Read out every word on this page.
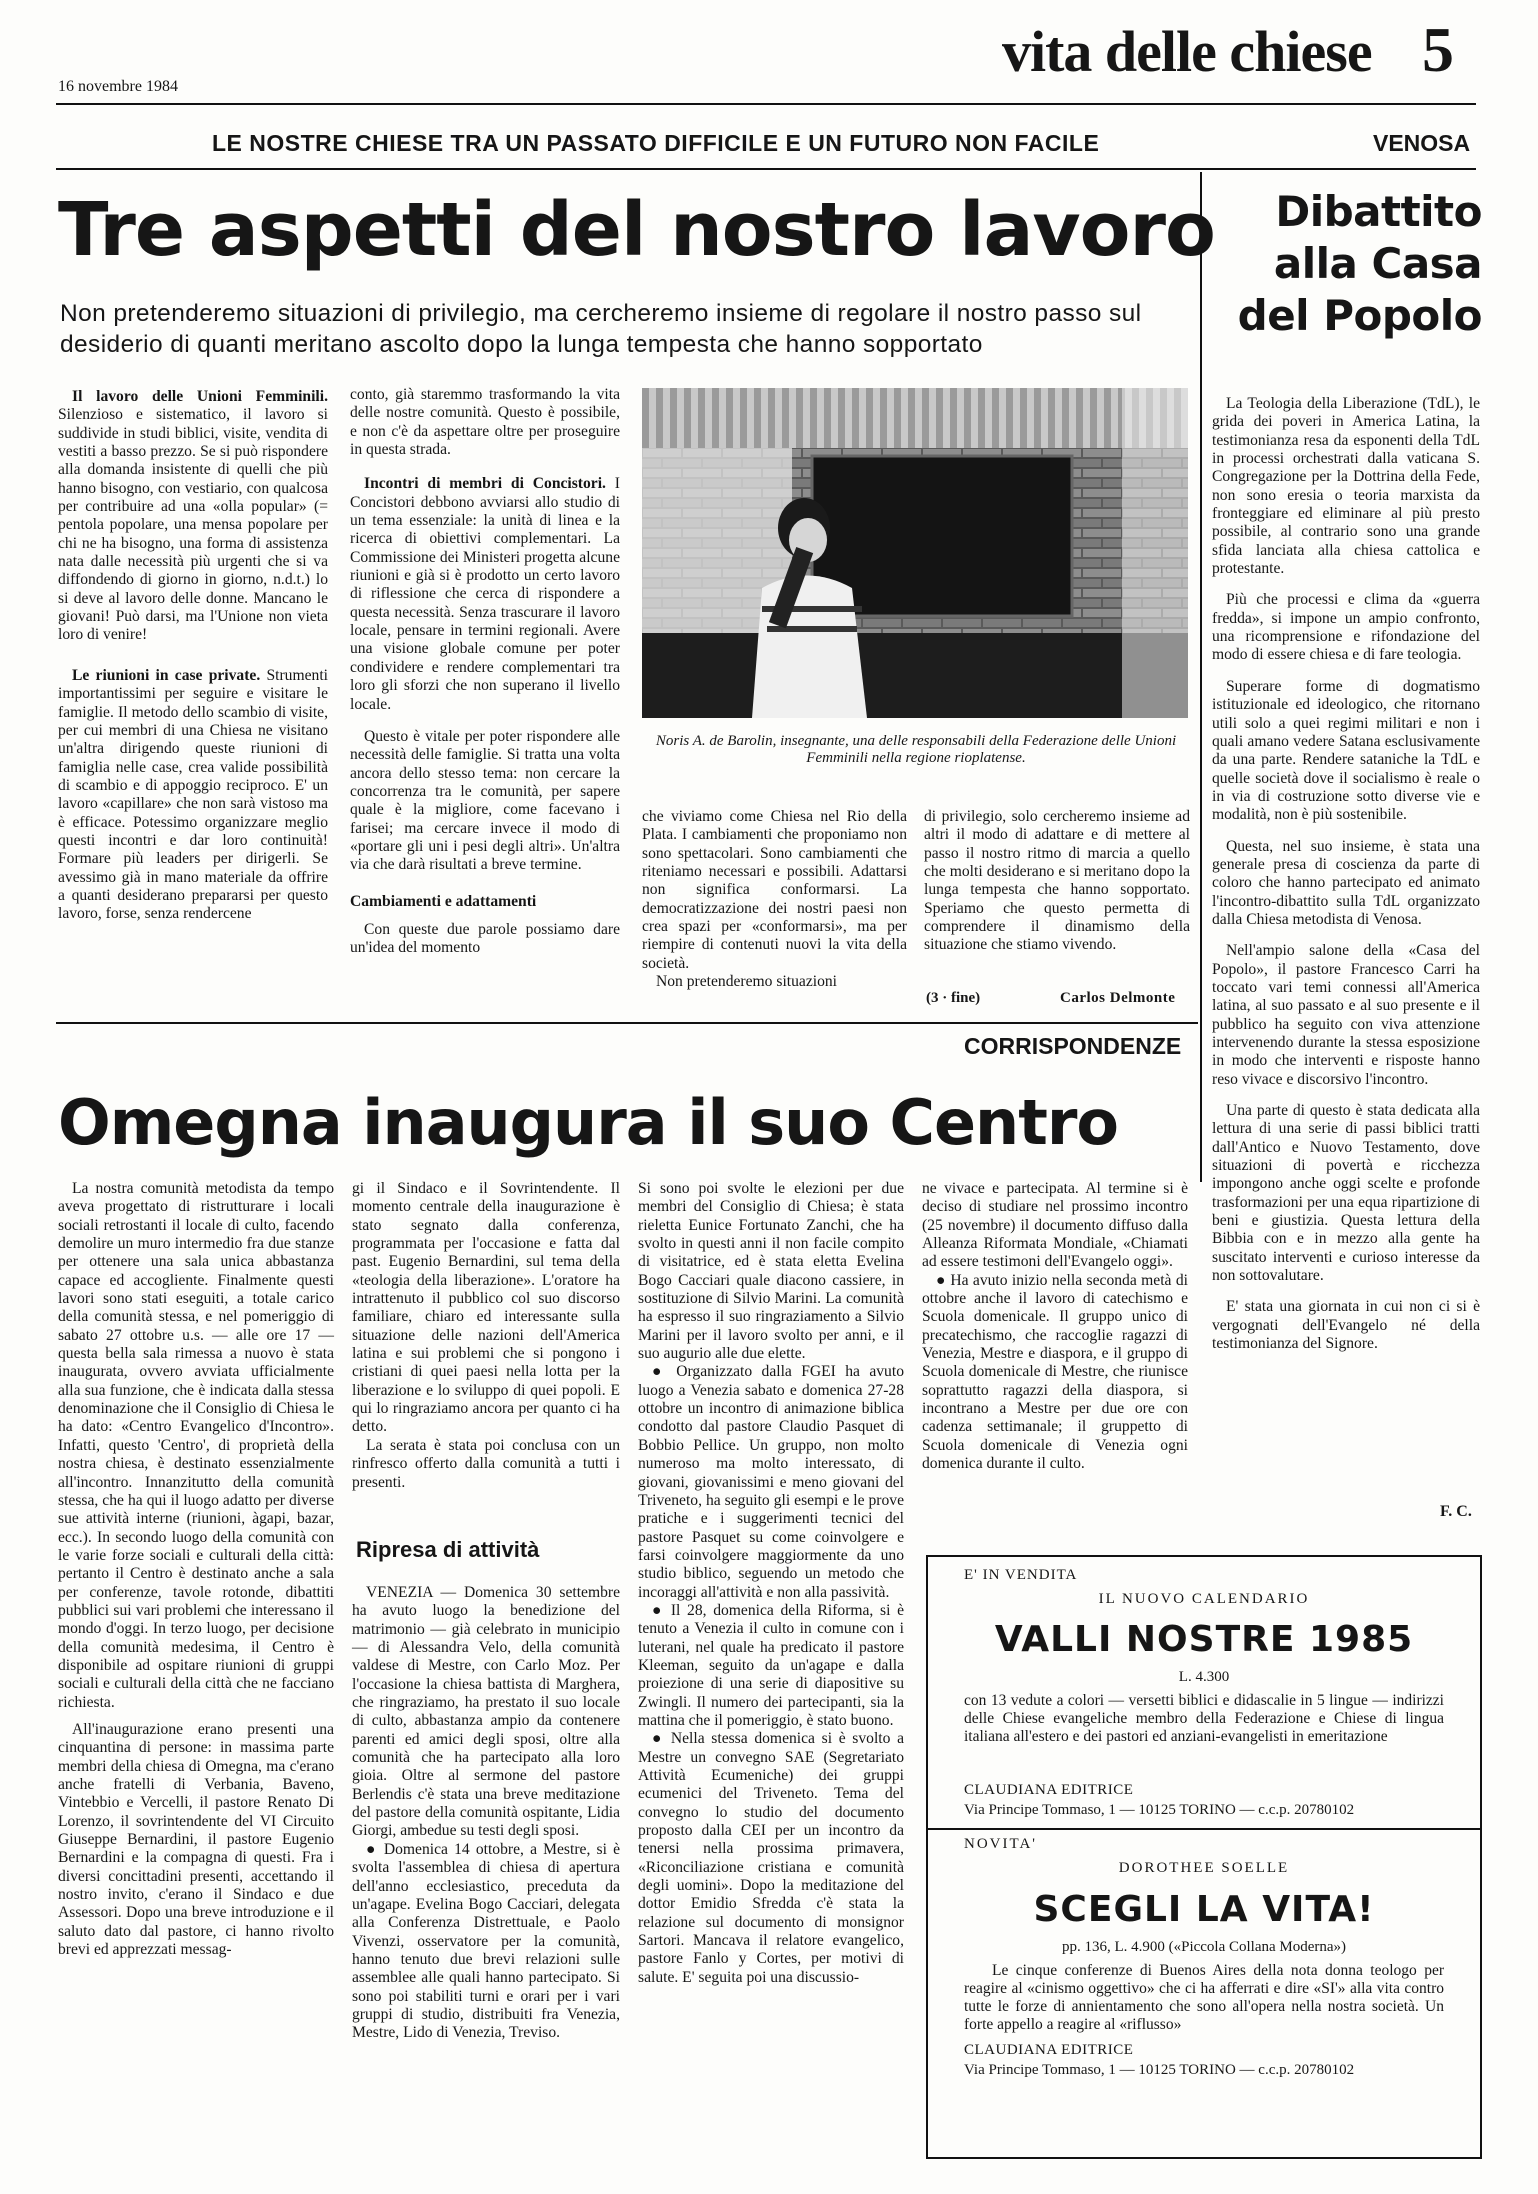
16 novembre 1984
vita delle chiese 5
LE NOSTRE CHIESE TRA UN PASSATO DIFFICILE E UN FUTURO NON FACILE	VENOSA
Tre aspetti del nostro lavoro
Non pretenderemo situazioni di privilegio, ma cercheremo insieme di regolare il nostro passo sul desiderio di quanti meritano ascolto dopo la lunga tempesta che hanno sopportato

Il lavoro delle Unioni Femminili. Silenzioso e sistematico, il lavoro si suddivide in studi biblici, visite, vendita di vestiti a basso prezzo. Se si può rispondere alla domanda insistente di quelli che più hanno bisogno, con vestiario, con qualcosa per contribuire ad una «olla popular» (= pentola popolare, una mensa popolare per chi ne ha bisogno, una forma di assistenza nata dalle necessità più urgenti che si va diffondendo di giorno in giorno, n.d.t.) lo si deve al lavoro delle donne. Mancano le giovani! Può darsi, ma l'Unione non vieta loro di venire!

Le riunioni in case private. Strumenti importantissimi per seguire e visitare le famiglie. Il metodo dello scambio di visite, per cui membri di una Chiesa ne visitano un'altra dirigendo queste riunioni di famiglia nelle case, crea valide possibilità di scambio e di appoggio reciproco. E' un lavoro «capillare» che non sarà vistoso ma è efficace. Potessimo organizzare meglio questi incontri e dar loro continuità! Formare più leaders per dirigerli. Se avessimo già in mano materiale da offrire a quanti desiderano prepararsi per questo lavoro, forse, senza rendercene

conto, già staremmo trasformando la vita delle nostre comunità. Questo è possibile, e non c'è da aspettare oltre per proseguire in questa strada.

Incontri di membri di Concistori. I Concistori debbono avviarsi allo studio di un tema essenziale: la unità di linea e la ricerca di obiettivi complementari. La Commissione dei Ministeri progetta alcune riunioni e già si è prodotto un certo lavoro di riflessione che cerca di rispondere a questa necessità. Senza trascurare il lavoro locale, pensare in termini regionali. Avere una visione globale comune per poter condividere e rendere complementari tra loro gli sforzi che non superano il livello locale.

Questo è vitale per poter rispondere alle necessità delle famiglie. Si tratta una volta ancora dello stesso tema: non cercare la concorrenza tra le comunità, per sapere quale è la migliore, come facevano i farisei; ma cercare invece il modo di «portare gli uni i pesi degli altri». Un'altra via che darà risultati a breve termine.

Cambiamenti e adattamenti

Con queste due parole possiamo dare un'idea del momento

Noris A. de Barolin, insegnante, una delle responsabili della Federazione delle Unioni Femminili nella regione rioplatense.

che viviamo come Chiesa nel Rio della Plata. I cambiamenti che proponiamo non sono spettacolari. Sono cambiamenti che riteniamo necessari e possibili. Adattarsi non significa conformarsi. La democratizzazione dei nostri paesi non crea spazi per «conformarsi», ma per riempire di contenuti nuovi la vita della società.

Non pretenderemo situazioni

di privilegio, solo cercheremo insieme ad altri il modo di adattare e di mettere al passo il nostro ritmo di marcia a quello che molti desiderano e si meritano dopo la lunga tempesta che hanno sopportato. Speriamo che questo permetta di comprendere il dinamismo della situazione che stiamo vivendo.

(3 · fine)	Carlos Delmonte
Dibattito alla Casa del Popolo

La Teologia della Liberazione (TdL), le grida dei poveri in America Latina, la testimonianza resa da esponenti della TdL in processi orchestrati dalla vaticana S. Congregazione per la Dottrina della Fede, non sono eresia o teoria marxista da fronteggiare ed eliminare al più presto possibile, al contrario sono una grande sfida lanciata alla chiesa cattolica e protestante.

Più che processi e clima da «guerra fredda», si impone un ampio confronto, una ricomprensione e rifondazione del modo di essere chiesa e di fare teologia.

Superare forme di dogmatismo istituzionale ed ideologico, che ritornano utili solo a quei regimi militari e non i quali amano vedere Satana esclusivamente da una parte. Rendere sataniche la TdL e quelle società dove il socialismo è reale o in via di costruzione sotto diverse vie e modalità, non è più sostenibile.

Questa, nel suo insieme, è stata una generale presa di coscienza da parte di coloro che hanno partecipato ed animato l'incontro-dibattito sulla TdL organizzato dalla Chiesa metodista di Venosa.

Nell'ampio salone della «Casa del Popolo», il pastore Francesco Carri ha toccato vari temi connessi all'America latina, al suo passato e al suo presente e il pubblico ha seguito con viva attenzione intervenendo durante la stessa esposizione in modo che interventi e risposte hanno reso vivace e discorsivo l'incontro.

Una parte di questo è stata dedicata alla lettura di una serie di passi biblici tratti dall'Antico e Nuovo Testamento, dove situazioni di povertà e ricchezza impongono anche oggi scelte e profonde trasformazioni per una equa ripartizione di beni e giustizia. Questa lettura della Bibbia con e in mezzo alla gente ha suscitato interventi e curioso interesse da non sottovalutare.

E' stata una giornata in cui non ci si è vergognati dell'Evangelo né della testimonianza del Signore.

F. C.
CORRISPONDENZE
Omegna inaugura il suo Centro

La nostra comunità metodista da tempo aveva progettato di ristrutturare i locali sociali retrostanti il locale di culto, facendo demolire un muro intermedio fra due stanze per ottenere una sala unica abbastanza capace ed accogliente. Finalmente questi lavori sono stati eseguiti, a totale carico della comunità stessa, e nel pomeriggio di sabato 27 ottobre u.s. — alle ore 17 — questa bella sala rimessa a nuovo è stata inaugurata, ovvero avviata ufficialmente alla sua funzione, che è indicata dalla stessa denominazione che il Consiglio di Chiesa le ha dato: «Centro Evangelico d'Incontro». Infatti, questo 'Centro', di proprietà della nostra chiesa, è destinato essenzialmente all'incontro. Innanzitutto della comunità stessa, che ha qui il luogo adatto per diverse sue attività interne (riunioni, àgapi, bazar, ecc.). In secondo luogo della comunità con le varie forze sociali e culturali della città: pertanto il Centro è destinato anche a sala per conferenze, tavole rotonde, dibattiti pubblici sui vari problemi che interessano il mondo d'oggi. In terzo luogo, per decisione della comunità medesima, il Centro è disponibile ad ospitare riunioni di gruppi sociali e culturali della città che ne facciano richiesta.

All'inaugurazione erano presenti una cinquantina di persone: in massima parte membri della chiesa di Omegna, ma c'erano anche fratelli di Verbania, Baveno, Vintebbio e Vercelli, il pastore Renato Di Lorenzo, il sovrintendente del VI Circuito Giuseppe Bernardini, il pastore Eugenio Bernardini e la compagna di questi. Fra i diversi concittadini presenti, accettando il nostro invito, c'erano il Sindaco e due Assessori. Dopo una breve introduzione e il saluto dato dal pastore, ci hanno rivolto brevi ed apprezzati messag-

gi il Sindaco e il Sovrintendente. Il momento centrale della inaugurazione è stato segnato dalla conferenza, programmata per l'occasione e fatta dal past. Eugenio Bernardini, sul tema della «teologia della liberazione». L'oratore ha intrattenuto il pubblico col suo discorso familiare, chiaro ed interessante sulla situazione delle nazioni dell'America latina e sui problemi che si pongono i cristiani di quei paesi nella lotta per la liberazione e lo sviluppo di quei popoli. E qui lo ringraziamo ancora per quanto ci ha detto.

La serata è stata poi conclusa con un rinfresco offerto dalla comunità a tutti i presenti.

Ripresa di attività

VENEZIA — Domenica 30 settembre ha avuto luogo la benedizione del matrimonio — già celebrato in municipio — di Alessandra Velo, della comunità valdese di Mestre, con Carlo Moz. Per l'occasione la chiesa battista di Marghera, che ringraziamo, ha prestato il suo locale di culto, abbastanza ampio da contenere parenti ed amici degli sposi, oltre alla comunità che ha partecipato alla loro gioia. Oltre al sermone del pastore Berlendis c'è stata una breve meditazione del pastore della comunità ospitante, Lidia Giorgi, ambedue su testi degli sposi.

● Domenica 14 ottobre, a Mestre, si è svolta l'assemblea di chiesa di apertura dell'anno ecclesiastico, preceduta da un'agape. Evelina Bogo Cacciari, delegata alla Conferenza Distrettuale, e Paolo Vivenzi, osservatore per la comunità, hanno tenuto due brevi relazioni sulle assemblee alle quali hanno partecipato. Si sono poi stabiliti turni e orari per i vari gruppi di studio, distribuiti fra Venezia, Mestre, Lido di Venezia, Treviso.

Si sono poi svolte le elezioni per due membri del Consiglio di Chiesa; è stata rieletta Eunice Fortunato Zanchi, che ha svolto in questi anni il non facile compito di visitatrice, ed è stata eletta Evelina Bogo Cacciari quale diacono cassiere, in sostituzione di Silvio Marini. La comunità ha espresso il suo ringraziamento a Silvio Marini per il lavoro svolto per anni, e il suo augurio alle due elette.

● Organizzato dalla FGEI ha avuto luogo a Venezia sabato e domenica 27-28 ottobre un incontro di animazione biblica condotto dal pastore Claudio Pasquet di Bobbio Pellice. Un gruppo, non molto numeroso ma molto interessato, di giovani, giovanissimi e meno giovani del Triveneto, ha seguito gli esempi e le prove pratiche e i suggerimenti tecnici del pastore Pasquet su come coinvolgere e farsi coinvolgere maggiormente da uno studio biblico, seguendo un metodo che incoraggi all'attività e non alla passività.

● Il 28, domenica della Riforma, si è tenuto a Venezia il culto in comune con i luterani, nel quale ha predicato il pastore Kleeman, seguito da un'agape e dalla proiezione di una serie di diapositive su Zwingli. Il numero dei partecipanti, sia la mattina che il pomeriggio, è stato buono.

● Nella stessa domenica si è svolto a Mestre un convegno SAE (Segretariato Attività Ecumeniche) dei gruppi ecumenici del Triveneto. Tema del convegno lo studio del documento proposto dalla CEI per un incontro da tenersi nella prossima primavera, «Riconciliazione cristiana e comunità degli uomini». Dopo la meditazione del dottor Emidio Sfredda c'è stata la relazione sul documento di monsignor Sartori. Mancava il relatore evangelico, pastore Fanlo y Cortes, per motivi di salute. E' seguita poi una discussio-

ne vivace e partecipata. Al termine si è deciso di studiare nel prossimo incontro (25 novembre) il documento diffuso dalla Alleanza Riformata Mondiale, «Chiamati ad essere testimoni dell'Evangelo oggi».

● Ha avuto inizio nella seconda metà di ottobre anche il lavoro di catechismo e Scuola domenicale. Il gruppo unico di precatechismo, che raccoglie ragazzi di Venezia, Mestre e diaspora, e il gruppo di Scuola domenicale di Mestre, che riunisce soprattutto ragazzi della diaspora, si incontrano a Mestre per due ore con cadenza settimanale; il gruppetto di Scuola domenicale di Venezia ogni domenica durante il culto.

E' IN VENDITA
IL NUOVO CALENDARIO
VALLI NOSTRE 1985
L. 4.300
con 13 vedute a colori — versetti biblici e didascalie in 5 lingue — indirizzi delle Chiese evangeliche membro della Federazione e Chiese di lingua italiana all'estero e dei pastori ed anziani-evangelisti in emeritazione
CLAUDIANA EDITRICE
Via Principe Tommaso, 1 — 10125 TORINO — c.c.p. 20780102
NOVITA'
DOROTHEE SOELLE
SCEGLI LA VITA!
pp. 136, L. 4.900 («Piccola Collana Moderna»)
Le cinque conferenze di Buenos Aires della nota donna teologo per reagire al «cinismo oggettivo» che ci ha afferrati e dire «SI'» alla vita contro tutte le forze di annientamento che sono all'opera nella nostra società. Un forte appello a reagire al «riflusso»
CLAUDIANA EDITRICE
Via Principe Tommaso, 1 — 10125 TORINO — c.c.p. 20780102
